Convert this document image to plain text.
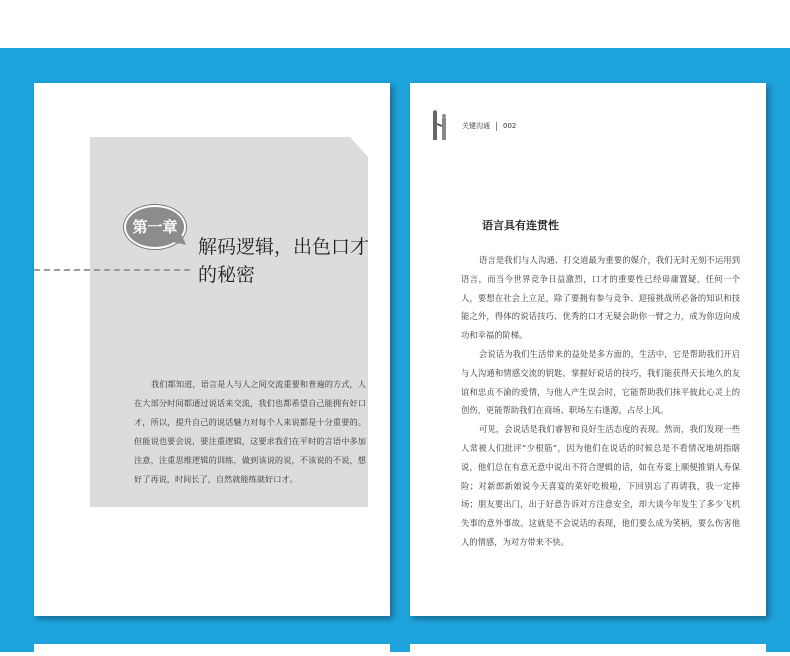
第一章
解码逻辑，出色口才的秘密

我们都知道，语言是人与人之间交流重要和普遍的方式，人在大部分时间都通过说话来交流，我们也都希望自己能拥有好口才，所以，提升自己的说话魅力对每个人来说都是十分重要的。但能说也要会说，要注重逻辑，这要求我们在平时的言语中多加注意，注重思维逻辑的训练，做到该说的说，不该说的不说，想好了再说，时间长了，自然就能练就好口才。

关键沟通 002
语言具有连贯性

语言是我们与人沟通、打交道最为重要的媒介，我们无时无刻不运用到语言，而当今世界竞争日益激烈，口才的重要性已经毋庸置疑，任何一个人，要想在社会上立足，除了要拥有参与竞争、迎接挑战所必备的知识和技能之外，得体的说话技巧、优秀的口才无疑会助你一臂之力，成为你迈向成功和幸福的阶梯。

会说话为我们生活带来的益处是多方面的，生活中，它是帮助我们开启与人沟通和情感交流的钥匙，掌握好说话的技巧，我们能获得天长地久的友谊和忠贞不渝的爱情，与他人产生误会时，它能帮助我们抹平彼此心灵上的创伤，更能帮助我们在商场、职场左右逢源，占尽上风。

可见，会说话是我们睿智和良好生活态度的表现。然而，我们发现一些人常被人们批评“少根筋”，因为他们在说话的时候总是不看情况地胡指瞎说，他们总在有意无意中说出不符合逻辑的话，如在寿宴上顺便推销人寿保险；对新郎新娘说今天喜宴的菜好吃极啦，下回别忘了再请我，我一定捧场；朋友要出门，出于好意告诉对方注意安全，却大谈今年发生了多少飞机失事的意外事故。这就是不会说话的表现，他们要么成为笑柄，要么伤害他人的情感，为对方带来不快。
